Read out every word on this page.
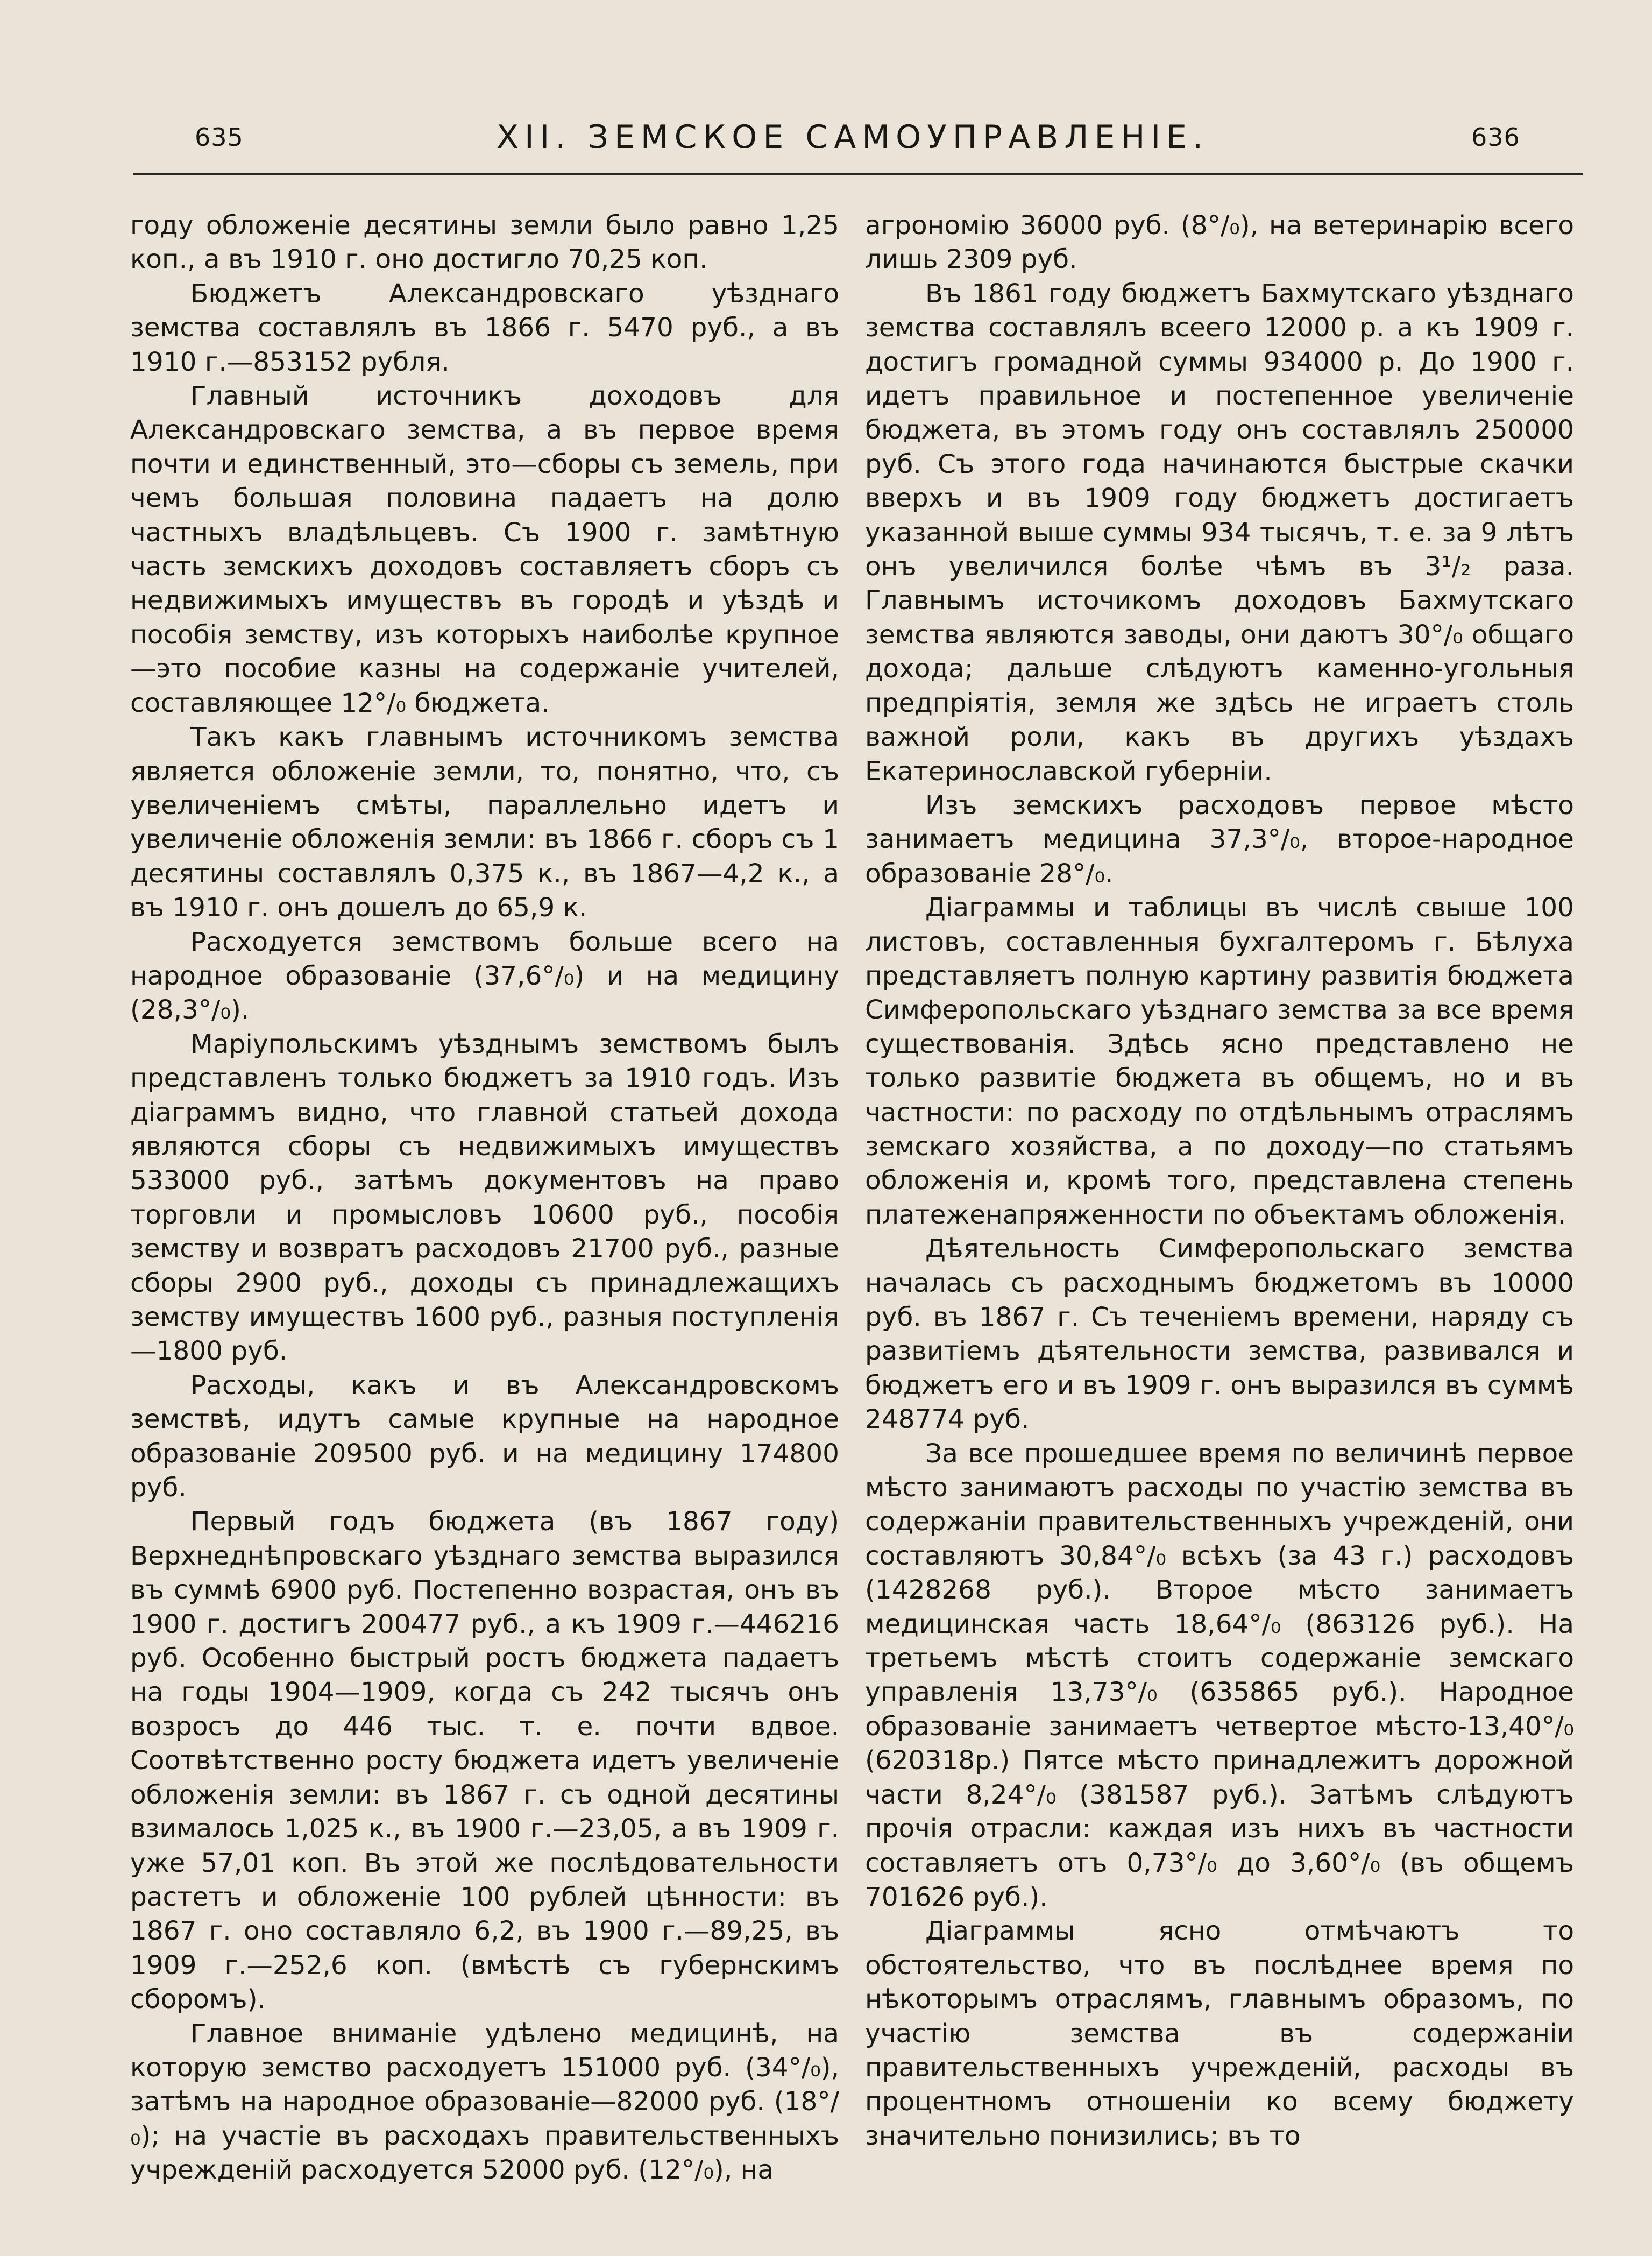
635	XII. ЗЕМСКОЕ САМОУПРАВЛЕНIЕ.	636

году обложенiе десятины земли было равно 1,25 коп., а въ 1910 г. оно достигло 70,25 коп.

Бюджетъ Александровскаго уѣзднаго земства составлялъ въ 1866 г. 5470 руб., а въ 1910 г.—853152 рубля.

Главный источникъ доходовъ для Александровскаго земства, а въ первое время почти и единственный, это—сборы съ земель, при чемъ большая половина падаетъ на долю частныхъ владѣльцевъ. Съ 1900 г. замѣтную часть земскихъ доходовъ составляетъ сборъ съ недвижимыхъ имуществъ въ городѣ и уѣздѣ и пособiя земству, изъ которыхъ наиболѣе крупное—это пособие казны на содержанiе учителей, составляющее 12°/₀ бюджета.

Такъ какъ главнымъ источникомъ земства является обложенiе земли, то, понятно, что, съ увеличенiемъ смѣты, параллельно идетъ и увеличенiе обложенiя земли: въ 1866 г. сборъ съ 1 десятины составлялъ 0,375 к., въ 1867—4,2 к., а въ 1910 г. онъ дошелъ до 65,9 к.

Расходуется земствомъ больше всего на народное образованiе (37,6°/₀) и на медицину (28,3°/₀).

Марiупольскимъ уѣзднымъ земствомъ былъ представленъ только бюджетъ за 1910 годъ. Изъ дiаграммъ видно, что главной статьей дохода являются сборы съ недвижимыхъ имуществъ 533000 руб., затѣмъ документовъ на право торговли и промысловъ 10600 руб., пособiя земству и возвратъ расходовъ 21700 руб., разные сборы 2900 руб., доходы съ принадлежащихъ земству имуществъ 1600 руб., разныя поступленiя—1800 руб.

Расходы, какъ и въ Александровскомъ земствѣ, идутъ самые крупные на народное образованiе 209500 руб. и на медицину 174800 руб.

Первый годъ бюджета (въ 1867 году) Верхнеднѣпровскаго уѣзднаго земства выразился въ суммѣ 6900 руб. Постепенно возрастая, онъ въ 1900 г. достигъ 200477 руб., а къ 1909 г.—446216 руб. Особенно быстрый ростъ бюджета падаетъ на годы 1904—1909, когда съ 242 тысячъ онъ возросъ до 446 тыс. т. е. почти вдвое. Соотвѣтственно росту бюджета идетъ увеличенiе обложенiя земли: въ 1867 г. съ одной десятины взималось 1,025 к., въ 1900 г.—23,05, а въ 1909 г. уже 57,01 коп. Въ этой же послѣдовательности растетъ и обложенiе 100 рублей цѣнности: въ 1867 г. оно составляло 6,2, въ 1900 г.—89,25, въ 1909 г.—252,6 коп. (вмѣстѣ съ губернскимъ сборомъ).

Главное вниманiе удѣлено медицинѣ, на которую земство расходуетъ 151000 руб. (34°/₀), затѣмъ на народное образованiе—82000 руб. (18°/₀); на участiе въ расходахъ правительственныхъ учрежденiй расходуется 52000 руб. (12°/₀), на

агрономiю 36000 руб. (8°/₀), на ветеринарiю всего лишь 2309 руб.

Въ 1861 году бюджетъ Бахмутскаго уѣзднаго земства составлялъ всеего 12000 р. а къ 1909 г. достигъ громадной суммы 934000 р. До 1900 г. идетъ правильное и постепенное увеличенiе бюджета, въ этомъ году онъ составлялъ 250000 руб. Съ этого года начинаются быстрые скачки вверхъ и въ 1909 году бюджетъ достигаетъ указанной выше суммы 934 тысячъ, т. е. за 9 лѣтъ онъ увеличился болѣе чѣмъ въ 3¹/₂ раза. Главнымъ источикомъ доходовъ Бахмутскаго земства являются заводы, они даютъ 30°/₀ общаго дохода; дальше слѣдуютъ каменно-угольныя предпрiятiя, земля же здѣсь не играетъ столь важной роли, какъ въ другихъ уѣздахъ Екатеринославской губернiи.

Изъ земскихъ расходовъ первое мѣсто занимаетъ медицина 37,3°/₀, второе-народное образованiе 28°/₀.

Дiаграммы и таблицы въ числѣ свыше 100 листовъ, составленныя бухгалтеромъ г. Бѣлуха представляетъ полную картину развитiя бюджета Симферопольскаго уѣзднаго земства за все время существованiя. Здѣсь ясно представлено не только развитiе бюджета въ общемъ, но и въ частности: по расходу по отдѣльнымъ отраслямъ земскаго хозяйства, а по доходу—по статьямъ обложенiя и, кромѣ того, представлена степень платеженапряженности по объектамъ обложенiя.

Дѣятельность Симферопольскаго земства началась съ расходнымъ бюджетомъ въ 10000 руб. въ 1867 г. Съ теченiемъ времени, наряду съ развитiемъ дѣятельности земства, развивался и бюджетъ его и въ 1909 г. онъ выразился въ суммѣ 248774 руб.

За все прошедшее время по величинѣ первое мѣсто занимаютъ расходы по участiю земства въ содержанiи правительственныхъ учрежденiй, они составляютъ 30,84°/₀ всѣхъ (за 43 г.) расходовъ (1428268 руб.). Второе мѣсто занимаетъ медицинская часть 18,64°/₀ (863126 руб.). На третьемъ мѣстѣ стоитъ содержанiе земскаго управленiя 13,73°/₀ (635865 руб.). Народное образованiе занимаетъ четвертое мѣсто-13,40°/₀ (620318р.) Пятсе мѣсто принадлежитъ дорожной части 8,24°/₀ (381587 руб.). Затѣмъ слѣдуютъ прочiя отрасли: каждая изъ нихъ въ частности составляетъ отъ 0,73°/₀ до 3,60°/₀ (въ общемъ 701626 руб.).

Дiаграммы ясно отмѣчаютъ то обстоятельство, что въ послѣднее время по нѣкоторымъ отраслямъ, главнымъ образомъ, по участiю земства въ содержанiи правительственныхъ учрежденiй, расходы въ процентномъ отношенiи ко всему бюджету значительно понизились; въ то
